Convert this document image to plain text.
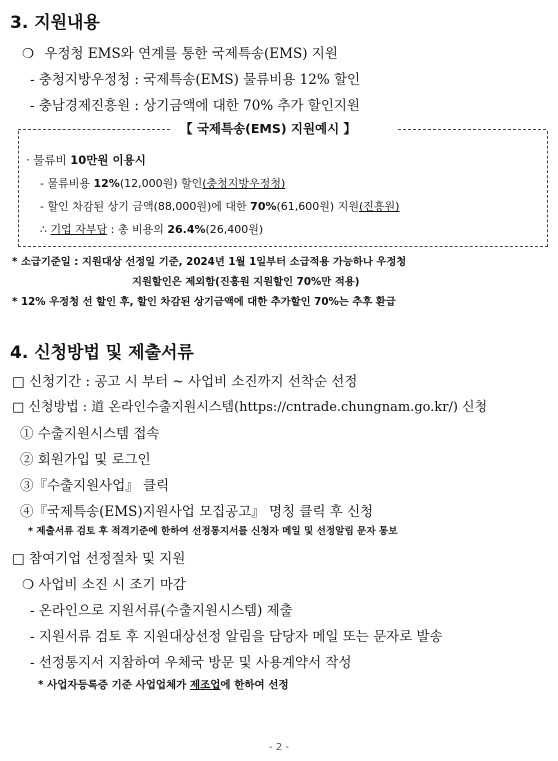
3. 지원내용
❍ 우정청 EMS와 연계를 통한 국제특송(EMS) 지원
- 충청지방우정청 : 국제특송(EMS) 물류비용 12% 할인
- 충남경제진흥원 : 상기금액에 대한 70% 추가 할인지원
【 국제특송(EMS) 지원예시 】
· 물류비 10만원 이용시
- 물류비용 12%(12,000원) 할인(충청지방우정청)
- 할인 차감된 상기 금액(88,000원)에 대한 70%(61,600원) 지원(진흥원)
∴ 기업 자부담 : 총 비용의 26.4%(26,400원)
* 소급기준일 : 지원대상 선정일 기준, 2024년 1월 1일부터 소급적용 가능하나 우정청
지원할인은 제외함(진흥원 지원할인 70%만 적용)
* 12% 우정청 선 할인 후, 할인 차감된 상기금액에 대한 추가할인 70%는 추후 환급
4. 신청방법 및 제출서류
□ 신청기간 : 공고 시 부터 ~ 사업비 소진까지 선착순 선정
□ 신청방법 : 道 온라인수출지원시스템(https://cntrade.chungnam.go.kr/) 신청
① 수출지원시스템 접속
② 회원가입 및 로그인
③『수출지원사업』 클릭
④『국제특송(EMS)지원사업 모집공고』 명칭 클릭 후 신청
* 제출서류 검토 후 적격기준에 한하여 선정통지서를 신청자 메일 및 선정알림 문자 통보
□ 참여기업 선정절차 및 지원
❍ 사업비 소진 시 조기 마감
- 온라인으로 지원서류(수출지원시스템) 제출
- 지원서류 검토 후 지원대상선정 알림을 담당자 메일 또는 문자로 발송
- 선정통지서 지참하여 우체국 방문 및 사용계약서 작성
* 사업자등록증 기준 사업업체가 제조업에 한하여 선정
- 2 -
